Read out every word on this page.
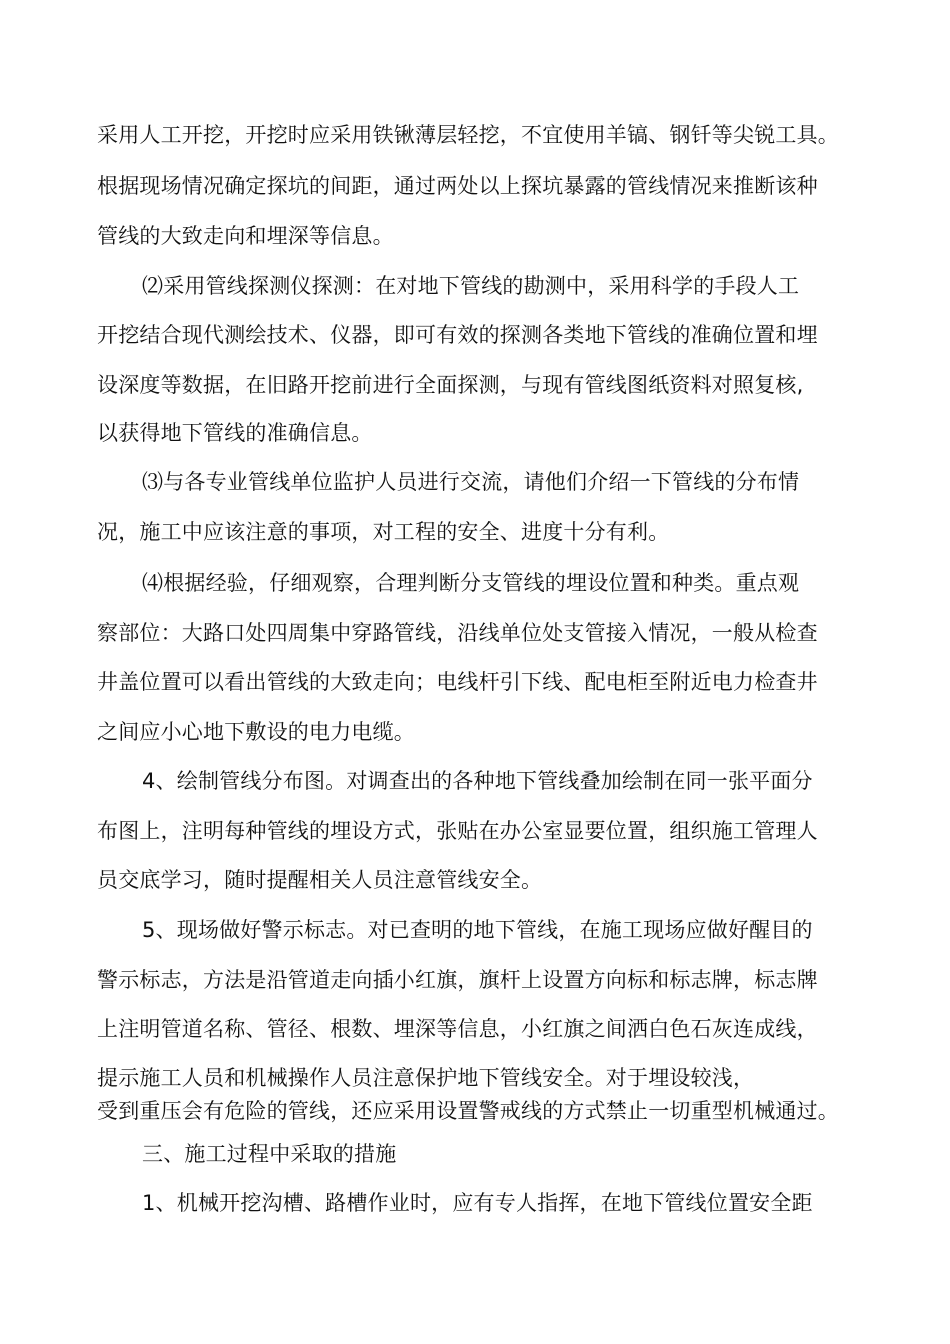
采用人工开挖，开挖时应采用铁锹薄层轻挖，不宜使用羊镐、钢钎等尖锐工具。
根据现场情况确定探坑的间距，通过两处以上探坑暴露的管线情况来推断该种
管线的大致走向和埋深等信息。
⑵采用管线探测仪探测：在对地下管线的勘测中，采用科学的手段人工
开挖结合现代测绘技术、仪器，即可有效的探测各类地下管线的准确位置和埋
设深度等数据，在旧路开挖前进行全面探测，与现有管线图纸资料对照复核,
以获得地下管线的准确信息。
⑶与各专业管线单位监护人员进行交流，请他们介绍一下管线的分布情
况，施工中应该注意的事项，对工程的安全、进度十分有利。
⑷根据经验，仔细观察，合理判断分支管线的埋设位置和种类。重点观
察部位：大路口处四周集中穿路管线，沿线单位处支管接入情况，一般从检查
井盖位置可以看出管线的大致走向；电线杆引下线、配电柜至附近电力检查井
之间应小心地下敷设的电力电缆。
4、绘制管线分布图。对调查出的各种地下管线叠加绘制在同一张平面分
布图上，注明每种管线的埋设方式，张贴在办公室显要位置，组织施工管理人
员交底学习，随时提醒相关人员注意管线安全。
5、现场做好警示标志。对已查明的地下管线，在施工现场应做好醒目的
警示标志，方法是沿管道走向插小红旗，旗杆上设置方向标和标志牌，标志牌
上注明管道名称、管径、根数、埋深等信息，小红旗之间洒白色石灰连成线，
提示施工人员和机械操作人员注意保护地下管线安全。对于埋设较浅，
受到重压会有危险的管线，还应采用设置警戒线的方式禁止一切重型机械通过。
三、施工过程中采取的措施
1、机械开挖沟槽、路槽作业时，应有专人指挥，在地下管线位置安全距
